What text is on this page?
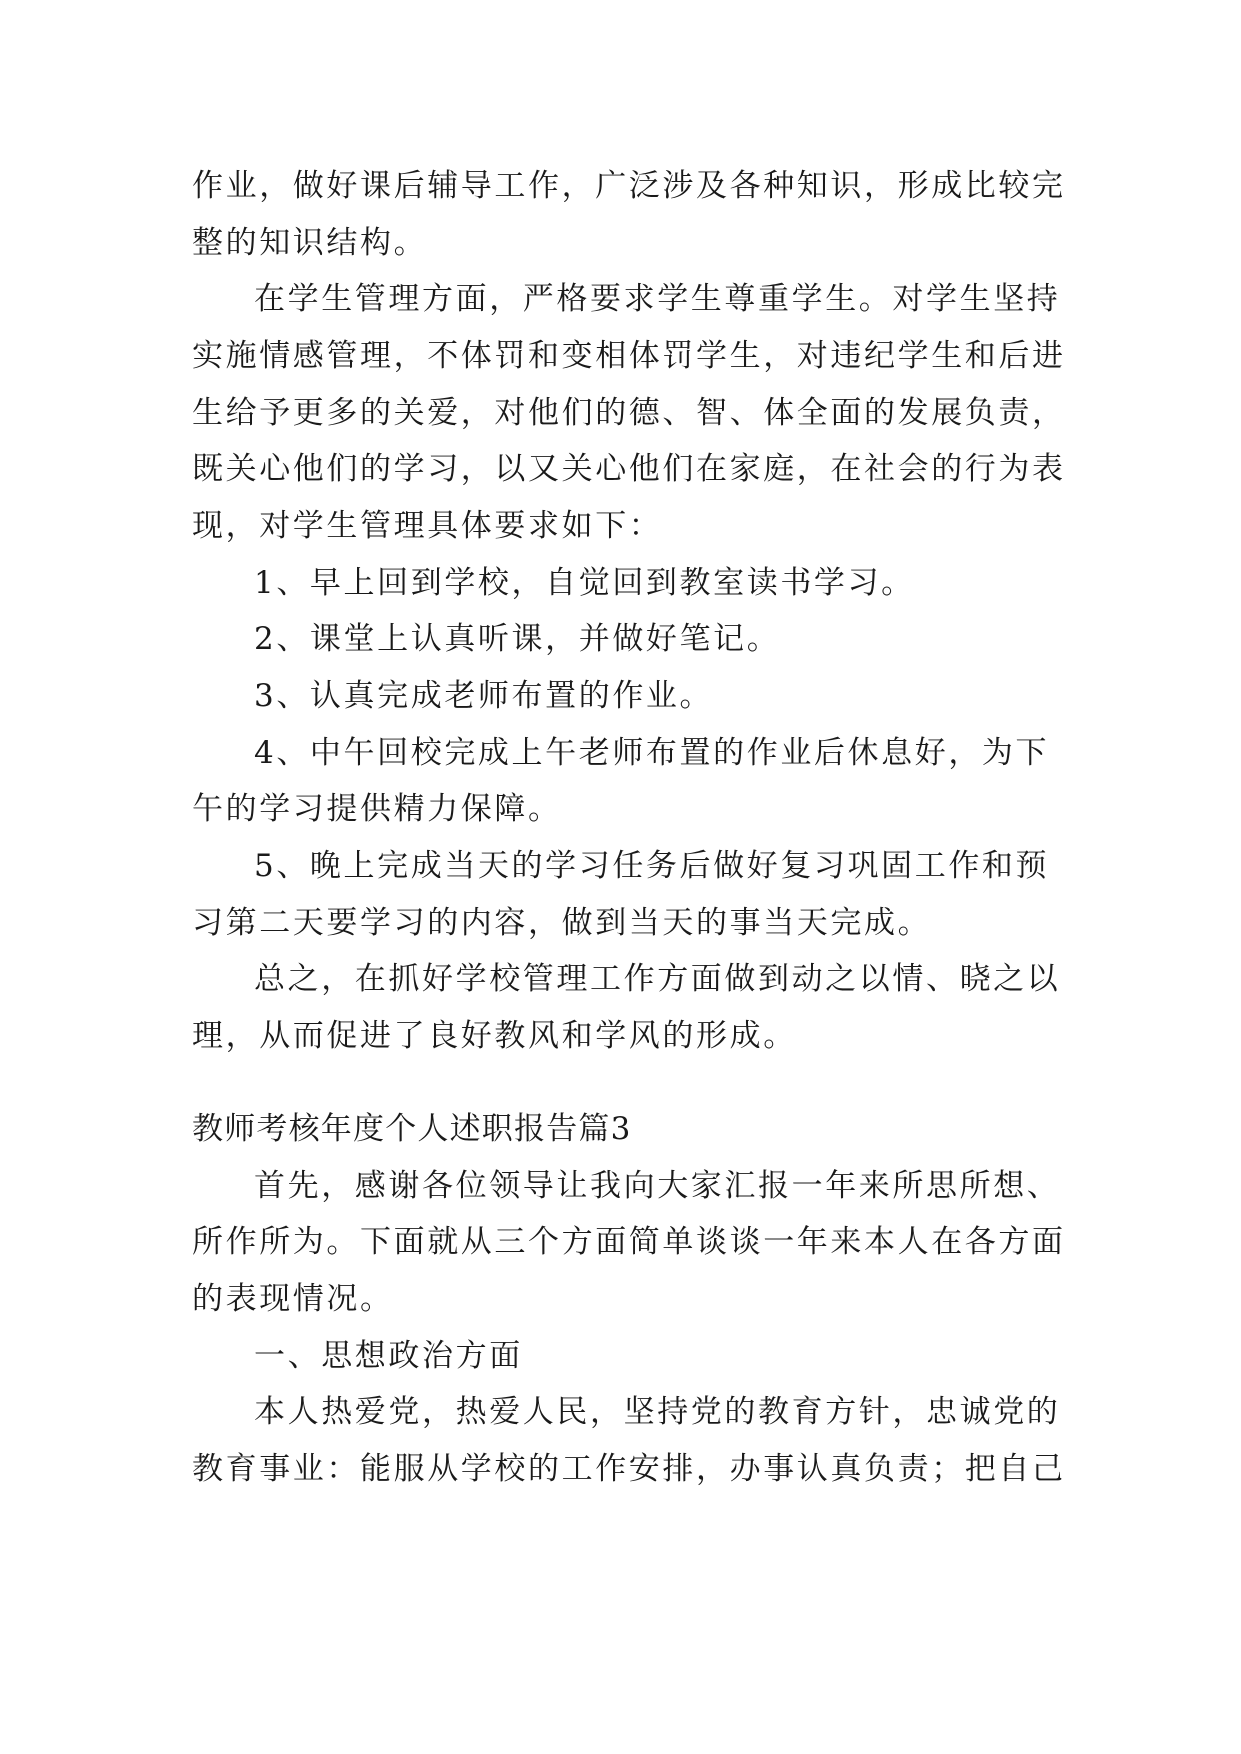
作业，做好课后辅导工作，广泛涉及各种知识，形成比较完
整的知识结构。
在学生管理方面，严格要求学生尊重学生。对学生坚持
实施情感管理，不体罚和变相体罚学生，对违纪学生和后进
生给予更多的关爱，对他们的德、智、体全面的发展负责，
既关心他们的学习，以又关心他们在家庭，在社会的行为表
现，对学生管理具体要求如下：
1、早上回到学校，自觉回到教室读书学习。
2、课堂上认真听课，并做好笔记。
3、认真完成老师布置的作业。
4、中午回校完成上午老师布置的作业后休息好，为下
午的学习提供精力保障。
5、晚上完成当天的学习任务后做好复习巩固工作和预
习第二天要学习的内容，做到当天的事当天完成。
总之，在抓好学校管理工作方面做到动之以情、晓之以
理，从而促进了良好教风和学风的形成。
教师考核年度个人述职报告篇3
首先，感谢各位领导让我向大家汇报一年来所思所想、
所作所为。下面就从三个方面简单谈谈一年来本人在各方面
的表现情况。
一、思想政治方面
本人热爱党，热爱人民，坚持党的教育方针，忠诚党的
教育事业：能服从学校的工作安排，办事认真负责；把自己
